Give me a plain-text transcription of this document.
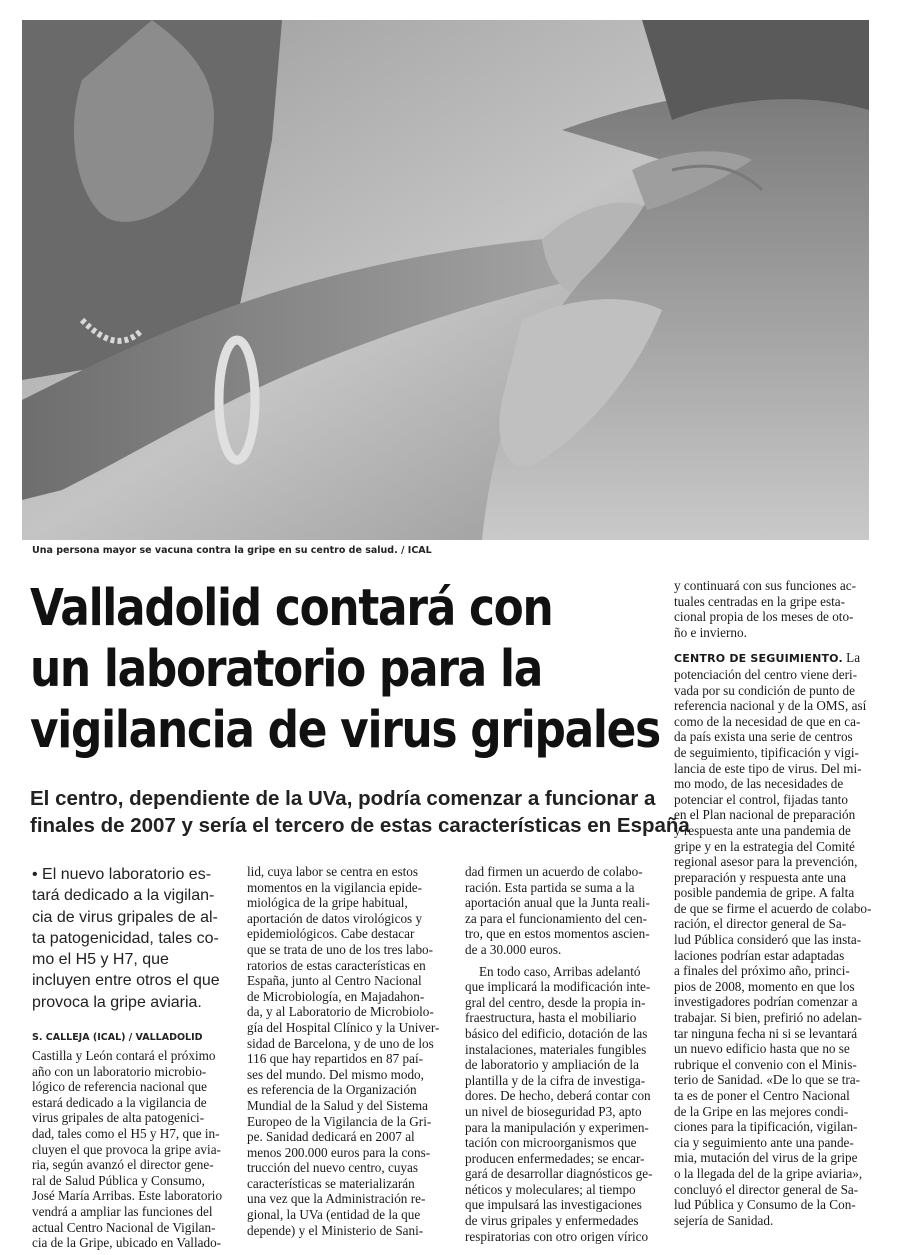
Una persona mayor se vacuna contra la gripe en su centro de salud. / ICAL
Valladolid contará con
un laboratorio para la
vigilancia de virus gripales
El centro, dependiente de la UVa, podría comenzar a funcionar a
finales de 2007 y sería el tercero de estas características en España
• El nuevo laboratorio es-
tará dedicado a la vigilan-
cia de virus gripales de al-
ta patogenicidad, tales co-
mo el H5 y H7, que
incluyen entre otros el que
provoca la gripe aviaria.
S. CALLEJA (ICAL) / VALLADOLID
Castilla y León contará el próximo
año con un laboratorio microbio-
lógico de referencia nacional que
estará dedicado a la vigilancia de
virus gripales de alta patogenici-
dad, tales como el H5 y H7, que in-
cluyen el que provoca la gripe avia-
ria, según avanzó el director gene-
ral de Salud Pública y Consumo,
José María Arribas. Este laboratorio
vendrá a ampliar las funciones del
actual Centro Nacional de Vigilan-
cia de la Gripe, ubicado en Vallado-
lid, cuya labor se centra en estos
momentos en la vigilancia epide-
miológica de la gripe habitual,
aportación de datos virológicos y
epidemiológicos. Cabe destacar
que se trata de uno de los tres labo-
ratorios de estas características en
España, junto al Centro Nacional
de Microbiología, en Majadahon-
da, y al Laboratorio de Microbiolo-
gía del Hospital Clínico y la Univer-
sidad de Barcelona, y de uno de los
116 que hay repartidos en 87 paí-
ses del mundo. Del mismo modo,
es referencia de la Organización
Mundial de la Salud y del Sistema
Europeo de la Vigilancia de la Gri-
pe. Sanidad dedicará en 2007 al
menos 200.000 euros para la cons-
trucción del nuevo centro, cuyas
características se materializarán
una vez que la Administración re-
gional, la UVa (entidad de la que
depende) y el Ministerio de Sani-
dad firmen un acuerdo de colabo-
ración. Esta partida se suma a la
aportación anual que la Junta reali-
za para el funcionamiento del cen-
tro, que en estos momentos ascien-
de a 30.000 euros.
En todo caso, Arribas adelantó
que implicará la modificación inte-
gral del centro, desde la propia in-
fraestructura, hasta el mobiliario
básico del edificio, dotación de las
instalaciones, materiales fungibles
de laboratorio y ampliación de la
plantilla y de la cifra de investiga-
dores. De hecho, deberá contar con
un nivel de bioseguridad P3, apto
para la manipulación y experimen-
tación con microorganismos que
producen enfermedades; se encar-
gará de desarrollar diagnósticos ge-
néticos y moleculares; al tiempo
que impulsará las investigaciones
de virus gripales y enfermedades
respiratorias con otro origen vírico
y continuará con sus funciones ac-
tuales centradas en la gripe esta-
cional propia de los meses de oto-
ño e invierno.
CENTRO DE SEGUIMIENTO. La
potenciación del centro viene deri-
vada por su condición de punto de
referencia nacional y de la OMS, así
como de la necesidad de que en ca-
da país exista una serie de centros
de seguimiento, tipificación y vigi-
lancia de este tipo de virus. Del mi-
mo modo, de las necesidades de
potenciar el control, fijadas tanto
en el Plan nacional de preparación
y respuesta ante una pandemia de
gripe y en la estrategia del Comité
regional asesor para la prevención,
preparación y respuesta ante una
posible pandemia de gripe. A falta
de que se firme el acuerdo de colabo-
ración, el director general de Sa-
lud Pública consideró que las insta-
laciones podrían estar adaptadas
a finales del próximo año, princi-
pios de 2008, momento en que los
investigadores podrían comenzar a
trabajar. Si bien, prefirió no adelan-
tar ninguna fecha ni si se levantará
un nuevo edificio hasta que no se
rubrique el convenio con el Minis-
terio de Sanidad. «De lo que se tra-
ta es de poner el Centro Nacional
de la Gripe en las mejores condi-
ciones para la tipificación, vigilan-
cia y seguimiento ante una pande-
mia, mutación del virus de la gripe
o la llegada del de la gripe aviaria»,
concluyó el director general de Sa-
lud Pública y Consumo de la Con-
sejería de Sanidad.
